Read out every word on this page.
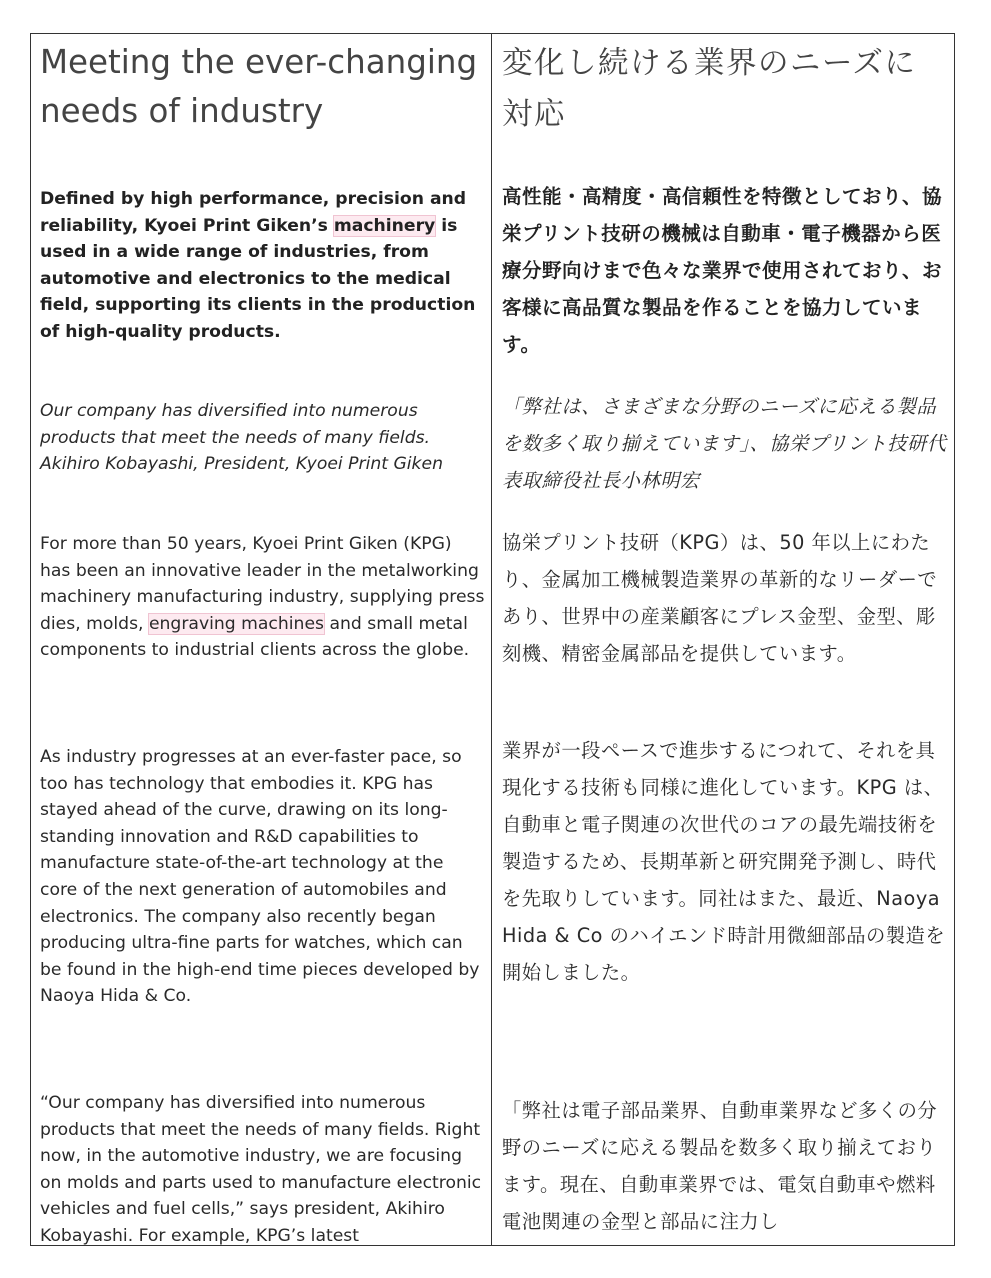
Meeting the ever-changing needs of industry
変化し続ける業界のニーズに対応
Defined by high performance, precision and reliability, Kyoei Print Giken’s machinery is used in a wide range of industries, from automotive and electronics to the medical field, supporting its clients in the production of high-quality products.
高性能・高精度・高信頼性を特徴としており、協栄プリント技研の機械は自動車・電子機器から医療分野向けまで色々な業界で使用されており、お客様に高品質な製品を作ることを協力しています。
Our company has diversified into numerous products that meet the needs of many fields. Akihiro Kobayashi, President, Kyoei Print Giken
「弊社は、さまざまな分野のニーズに応える製品を数多く取り揃えています」、協栄プリント技研代表取締役社長小林明宏
For more than 50 years, Kyoei Print Giken (KPG) has been an innovative leader in the metalworking machinery manufacturing industry, supplying press dies, molds, engraving machines and small metal components to industrial clients across the globe.
協栄プリント技研（KPG）は、50 年以上にわたり、金属加工機械製造業界の革新的なリーダーであり、世界中の産業顧客にプレス金型、金型、彫刻機、精密金属部品を提供しています。
As industry progresses at an ever-faster pace, so too has technology that embodies it. KPG has stayed ahead of the curve, drawing on its long-standing innovation and R&D capabilities to manufacture state-of-the-art technology at the core of the next generation of automobiles and electronics. The company also recently began producing ultra-fine parts for watches, which can be found in the high-end time pieces developed by Naoya Hida & Co.
業界が一段ペースで進歩するにつれて、それを具現化する技術も同様に進化しています。KPG は、自動車と電子関連の次世代のコアの最先端技術を製造するため、長期革新と研究開発予測し、時代を先取りしています。同社はまた、最近、Naoya Hida & Co のハイエンド時計用微細部品の製造を開始しました。
“Our company has diversified into numerous products that meet the needs of many fields. Right now, in the automotive industry, we are focusing on molds and parts used to manufacture electronic vehicles and fuel cells,” says president, Akihiro Kobayashi. For example, KPG’s latest
「弊社は電子部品業界、自動車業界など多くの分野のニーズに応える製品を数多く取り揃えております。現在、自動車業界では、電気自動車や燃料電池関連の金型と部品に注力し
